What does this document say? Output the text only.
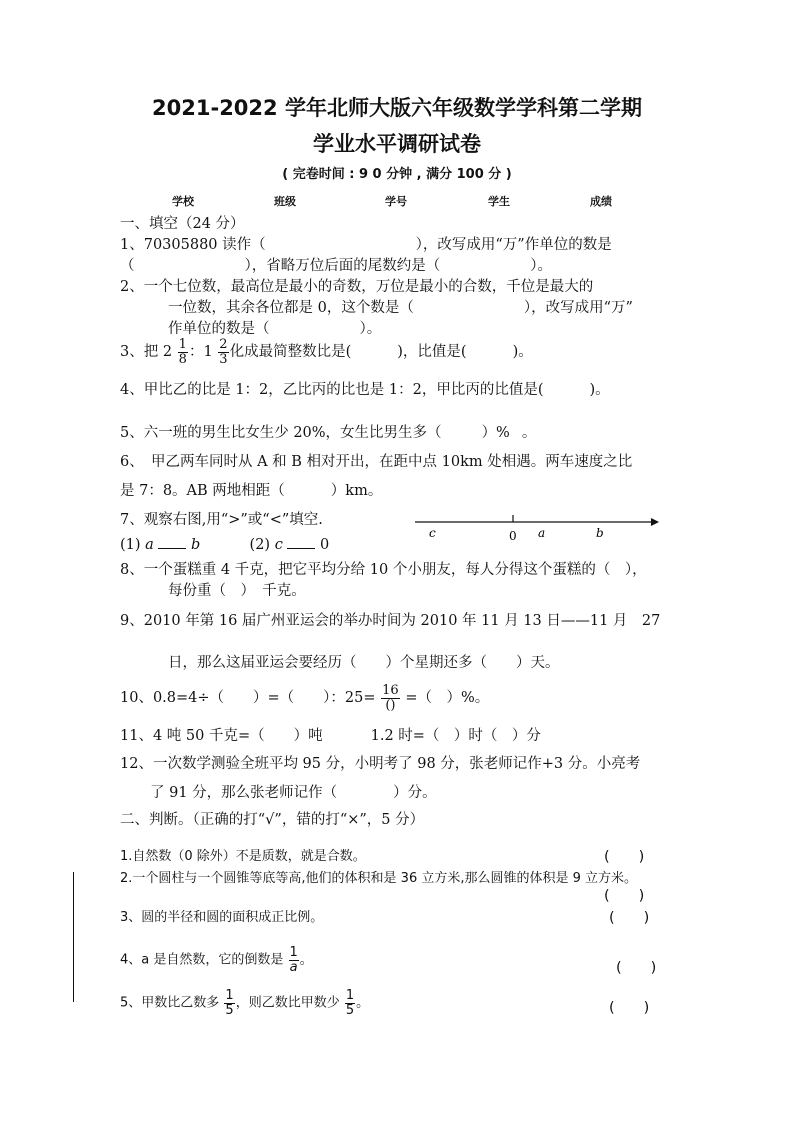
2021-2022 学年北师大版六年级数学学科第二学期
学业水平调研试卷
( 完卷时间 : 9 0 分钟 , 满分 100 分 )
学校	班级	学号	学生	成绩
一、填空（24 分）
1、70305880 读作（	），改写成用“万”作单位的数是
（	），省略万位后面的尾数约是（	）。
2、一个七位数，最高位是最小的奇数，万位是最小的合数，千位是最大的
一位数，其余各位都是 0，这个数是（	），改写成用“万”
作单位的数是（	）。
3、把 $2 \frac{1}{8}$ ：$1 \frac{2}{3}$ 化成最简整数比是(	)，比值是(	)。
4、甲比乙的比是 1：2，乙比丙的比也是 1：2，甲比丙的比值是(	)。
5、六一班的男生比女生少 20%，女生比男生多（	）% 。
6、　甲乙两车同时从 A 和 B 相对开出，在距中点 10km 处相遇。两车速度之比
是 7：8。AB 两地相距（	）km。
7、观察右图,用“>”或“<”填空.
(1) a	b	(2) c	0
c	0 a	b
8、一个蛋糕重 4 千克，把它平均分给 10 个小朋友，每人分得这个蛋糕的（　），
每份重（　）　千克。
9、2010 年第 16 届广州亚运会的举办时间为 2010 年 11 月 13 日——11 月　27
日，那么这届亚运会要经历（　　）个星期还多（　　）天。
10、0.8=4÷（　　）=（　　）：$25= \frac{16}{()}$ =（　）%。
11、4 吨 50 千克=（　　）吨	1.2 时=（　）时（　）分
12、一次数学测验全班平均 95 分，小明考了 98 分，张老师记作+3 分。小亮考
了 91 分，那么张老师记作（	）分。
二、判断。（正确的打“√”，错的打“×”，5 分）
1.自然数（0 除外）不是质数，就是合数。	(　　)
2.一个圆柱与一个圆锥等底等高,他们的体积和是 36 立方米,那么圆锥的体积是 9 立方米。
(　　)
3、圆的半径和圆的面积成正比例。	(　　)
4、a 是自然数，它的倒数是 $\frac{1}{a}$ 。	(　　)
5、甲数比乙数多 $\frac{1}{5}$ ，则乙数比甲数少 $\frac{1}{5}$ 。	(　　)
